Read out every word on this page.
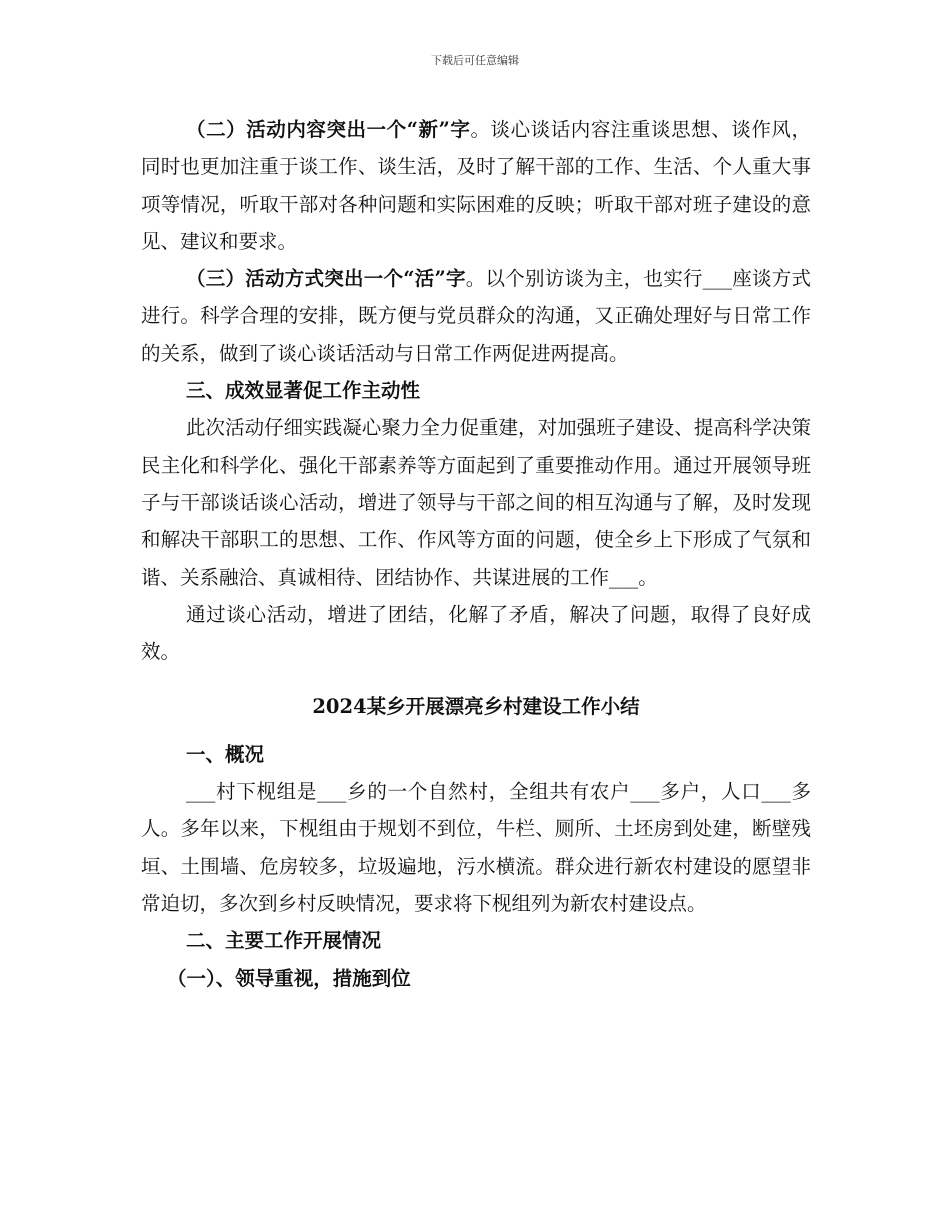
下载后可任意编辑

（二）活动内容突出一个“新”字。谈心谈话内容注重谈思想、谈作风，同时也更加注重于谈工作、谈生活，及时了解干部的工作、生活、个人重大事项等情况，听取干部对各种问题和实际困难的反映；听取干部对班子建设的意见、建议和要求。

（三）活动方式突出一个“活”字。以个别访谈为主，也实行___座谈方式进行。科学合理的安排，既方便与党员群众的沟通，又正确处理好与日常工作的关系，做到了谈心谈话活动与日常工作两促进两提高。

三、成效显著促工作主动性

此次活动仔细实践凝心聚力全力促重建，对加强班子建设、提高科学决策民主化和科学化、强化干部素养等方面起到了重要推动作用。通过开展领导班子与干部谈话谈心活动，增进了领导与干部之间的相互沟通与了解，及时发现和解决干部职工的思想、工作、作风等方面的问题，使全乡上下形成了气氛和谐、关系融洽、真诚相待、团结协作、共谋进展的工作___。

通过谈心活动，增进了团结，化解了矛盾，解决了问题，取得了良好成效。

2024某乡开展漂亮乡村建设工作小结

一、概况

___村下枧组是___乡的一个自然村，全组共有农户___多户，人口___多人。多年以来，下枧组由于规划不到位，牛栏、厕所、土坯房到处建，断壁残垣、土围墙、危房较多，垃圾遍地，污水横流。群众进行新农村建设的愿望非常迫切，多次到乡村反映情况，要求将下枧组列为新农村建设点。

二、主要工作开展情况

（一）、领导重视，措施到位
